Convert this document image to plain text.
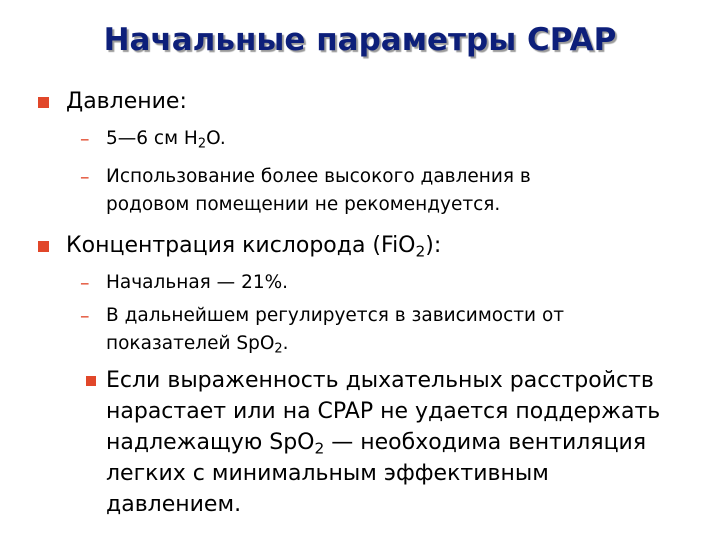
Начальные параметры CPAP
Давление:
– 5—6 см $H_2O$.
– Использование более высокого давления в
родовом помещении не рекомендуется.
Концентрация кислорода (FiO$_2$):
– Начальная — 21%.
– В дальнейшем регулируется в зависимости от
показателей SpO$_2$.
Если выраженность дыхательных расстройств
нарастает или на CPAP не удается поддержать
надлежащую SpO$_2$ — необходима вентиляция
легких с минимальным эффективным
давлением.
